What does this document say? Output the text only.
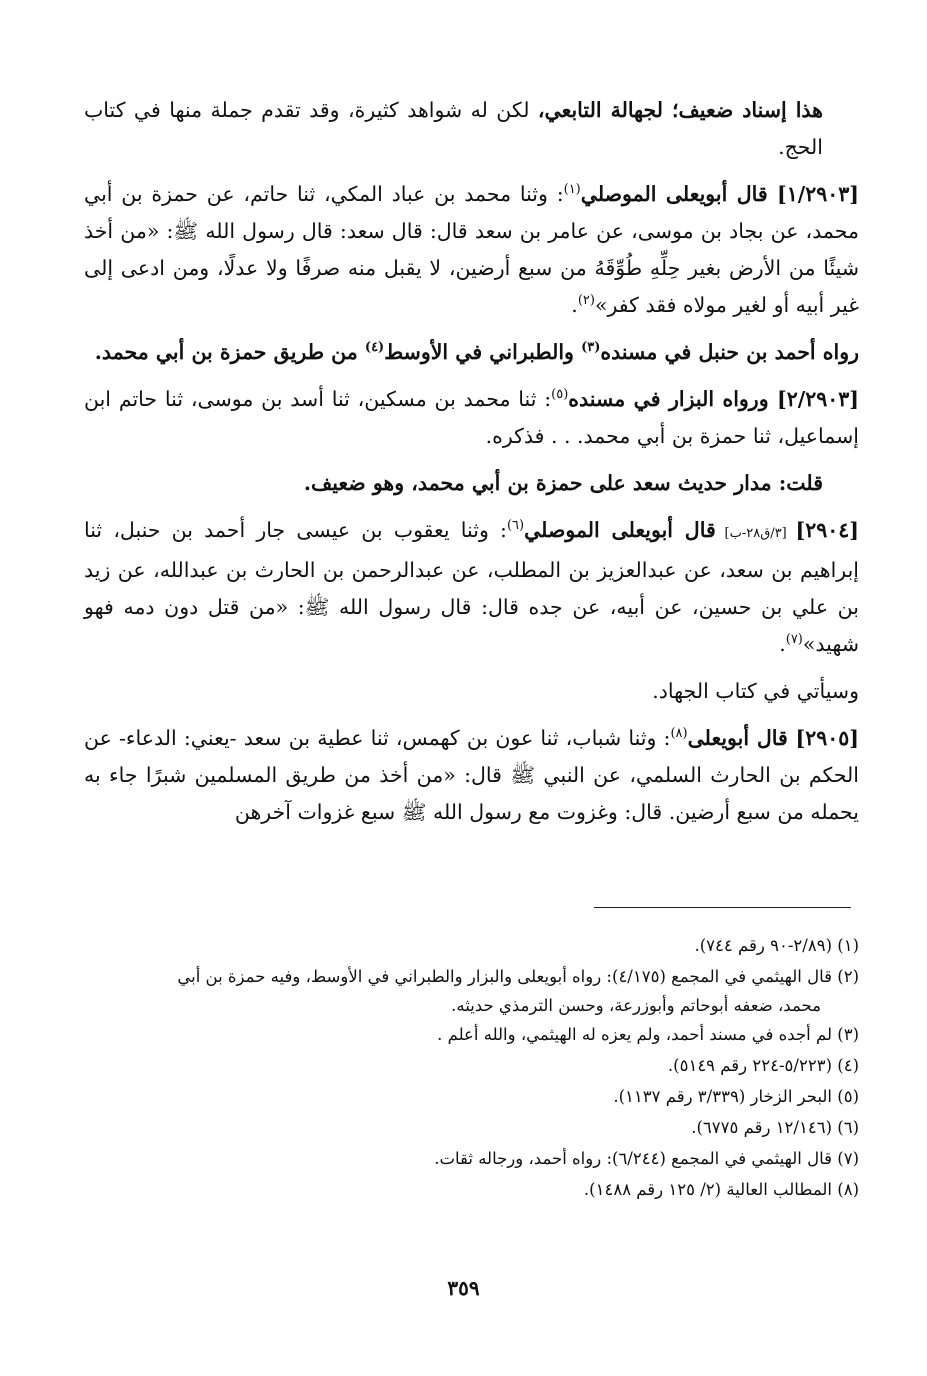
هذا إسناد ضعيف؛ لجهالة التابعي، لكن له شواهد كثيرة، وقد تقدم جملة منها في كتاب الحج.

[١/٢٩٠٣] قال أبويعلى الموصلي$^{(١)}$: وثنا محمد بن عباد المكي، ثنا حاتم، عن حمزة بن أبي محمد، عن بجاد بن موسى، عن عامر بن سعد قال: قال سعد: قال رسول الله ﷺ: «من أخذ شيئًا من الأرض بغير حِلِّهِ طُوِّقَهُ من سبع أرضين، لا يقبل منه صرفًا ولا عدلًا، ومن ادعى إلى غير أبيه أو لغير مولاه فقد كفر»$^{(٢)}$.

رواه أحمد بن حنبل في مسنده$^{(٣)}$ والطبراني في الأوسط$^{(٤)}$ من طريق حمزة بن أبي محمد.

[٢/٢٩٠٣] ورواه البزار في مسنده$^{(٥)}$: ثنا محمد بن مسكين، ثنا أسد بن موسى، ثنا حاتم ابن إسماعيل، ثنا حمزة بن أبي محمد. . . فذكره.

قلت: مدار حديث سعد على حمزة بن أبي محمد، وهو ضعيف.

[٢٩٠٤] [٣/ق٢٨-ب] قال أبويعلى الموصلي$^{(٦)}$: وثنا يعقوب بن عيسى جار أحمد بن حنبل، ثنا إبراهيم بن سعد، عن عبدالعزيز بن المطلب، عن عبدالرحمن بن الحارث بن عبدالله، عن زيد بن علي بن حسين، عن أبيه، عن جده قال: قال رسول الله ﷺ: «من قتل دون دمه فهو شهيد»$^{(٧)}$.

وسيأتي في كتاب الجهاد.

[٢٩٠٥] قال أبويعلى$^{(٨)}$: وثنا شباب، ثنا عون بن كهمس، ثنا عطية بن سعد -يعني: الدعاء- عن الحكم بن الحارث السلمي، عن النبي ﷺ قال: «من أخذ من طريق المسلمين شبرًا جاء به يحمله من سبع أرضين. قال: وغزوت مع رسول الله ﷺ سبع غزوات آخرهن

(١) (٢/٨٩-٩٠ رقم ٧٤٤).

(٢) قال الهيثمي في المجمع (٤/١٧٥): رواه أبويعلى والبزار والطبراني في الأوسط، وفيه حمزة بن أبي
محمد، ضعفه أبوحاتم وأبوزرعة، وحسن الترمذي حديثه.

(٣) لم أجده في مسند أحمد، ولم يعزه له الهيثمي، والله أعلم .

(٤) (٥/٢٢٣-٢٢٤ رقم ٥١٤٩).

(٥) البحر الزخار (٣/٣٣٩ رقم ١١٣٧).

(٦) (١٢/١٤٦ رقم ٦٧٧٥).

(٧) قال الهيثمي في المجمع (٦/٢٤٤): رواه أحمد، ورجاله ثقات.

(٨) المطالب العالية (٢/ ١٢٥ رقم ١٤٨٨).

٣٥٩
